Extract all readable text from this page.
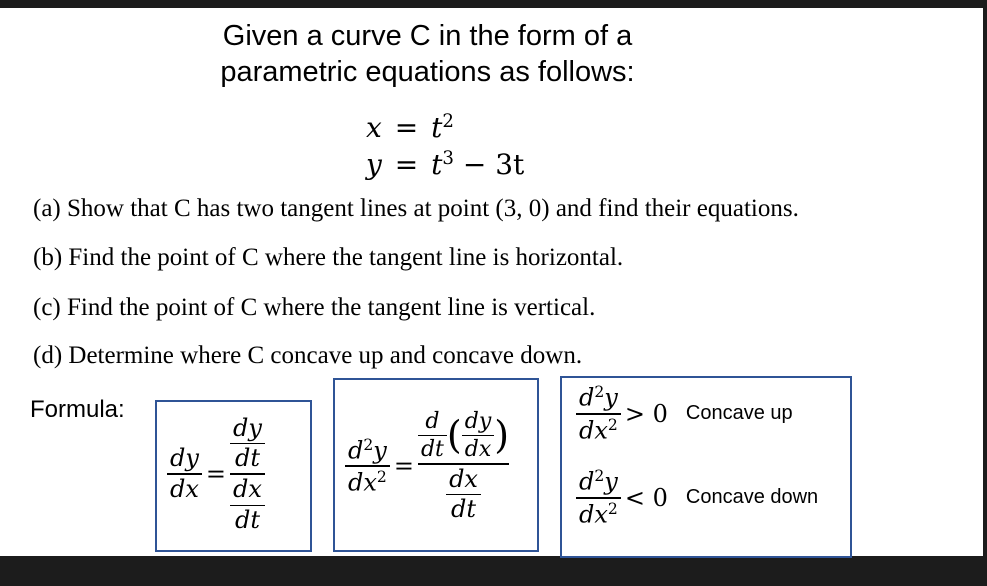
Given a curve C in the form of a
parametric equations as follows:
$x = t^2$
$y = t^3 - 3t$
(a) Show that C has two tangent lines at point (3, 0) and find their equations.
(b) Find the point of C where the tangent line is horizontal.
(c) Find the point of C where the tangent line is vertical.
(d) Determine where C concave up and concave down.
Formula:
$\frac{dy}{dx} = \frac{\frac{dy}{dt}}{\frac{dx}{dt}}$	$\frac{d^2y}{dx^2}$ =
$\frac{d}{dt}$ ( $\frac{dy}{dx}$ )
$\frac{dx}{dt}$
$\frac{d^2y}{dx^2} > 0$ Concave up
$\frac{d^2y}{dx^2} < 0$ Concave down
